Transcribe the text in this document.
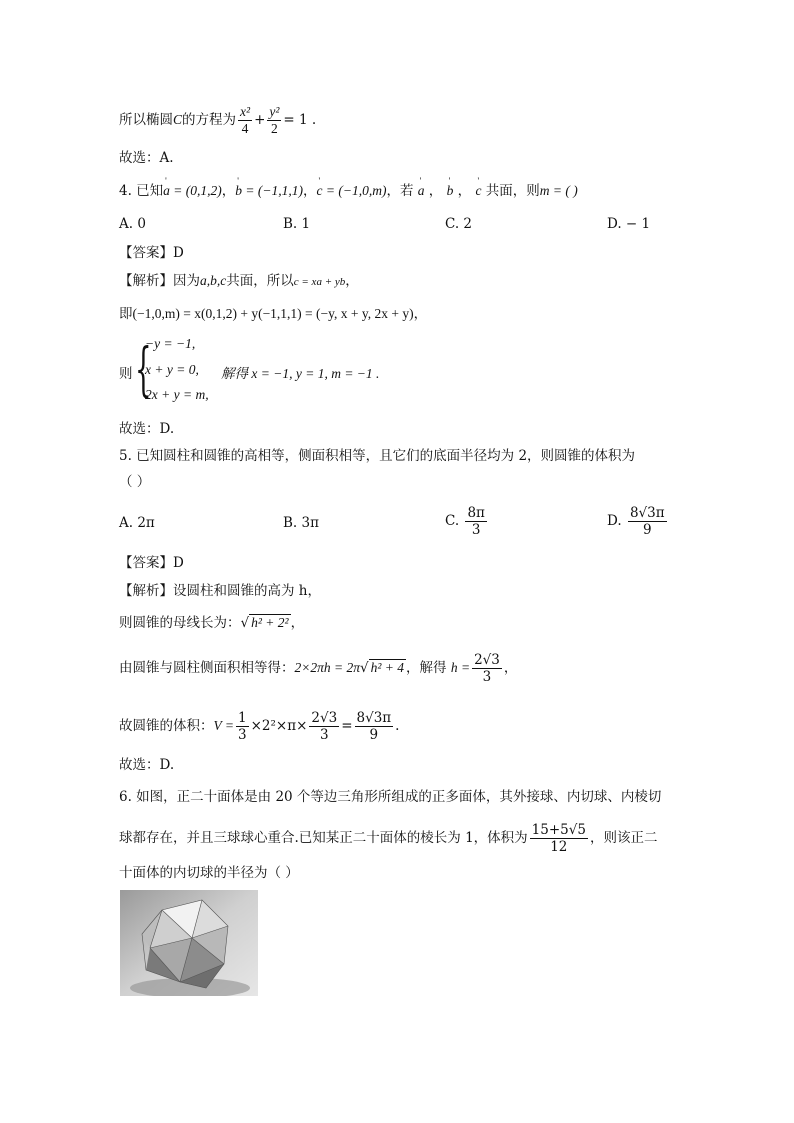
所以椭圆C的方程为 $\frac{\text{x²}}{4} + \frac{\text{y²}}{2} = 1$ .
故选：A.
4. 已知' a = (0,1,2)，' b = (−1,1,1)，' c = (−1,0,m)，若 ' a ， ' b ， ' c 共面，则m = ( )
A. 0	B. 1	C. 2	D. − 1
【答案】D
【解析】因为a,b,c共面，所以c = xa + yb，
即(−1,0,m) = x(0,1,2) + y(−1,1,1) = (−y, x + y, 2x + y)，
则 {
−y = −1,
x + y = 0,
2x + y = m,
解得 x = −1, y = 1, m = −1 .
故选：D.
5. 已知圆柱和圆锥的高相等，侧面积相等，且它们的底面半径均为 2，则圆锥的体积为
（ ）
A. 2π	B. 3π	C. $\frac{8\pi}{3}$	D. $\frac{8√3\pi}{9}$
【答案】D
【解析】设圆柱和圆锥的高为 h，
则圆锥的母线长为：√ h² + 2² ，
由圆锥与圆柱侧面积相等得：2×2πh = 2π√ h² + 4 ，解得 $h = \frac{2√3}{3}$ ，
故圆锥的体积：$V = \frac{1}{3} \times 2^2\times\pi\times \frac{2√3}{3} = \frac{8√3\pi}{9}$ .
故选：D.
6. 如图，正二十面体是由 20 个等边三角形所组成的正多面体，其外接球、内切球、内棱切
球都存在，并且三球球心重合.已知某正二十面体的棱长为 1，体积为 $\frac{15+5√5}{12}$ ，则该正二
十面体的内切球的半径为（ ）
